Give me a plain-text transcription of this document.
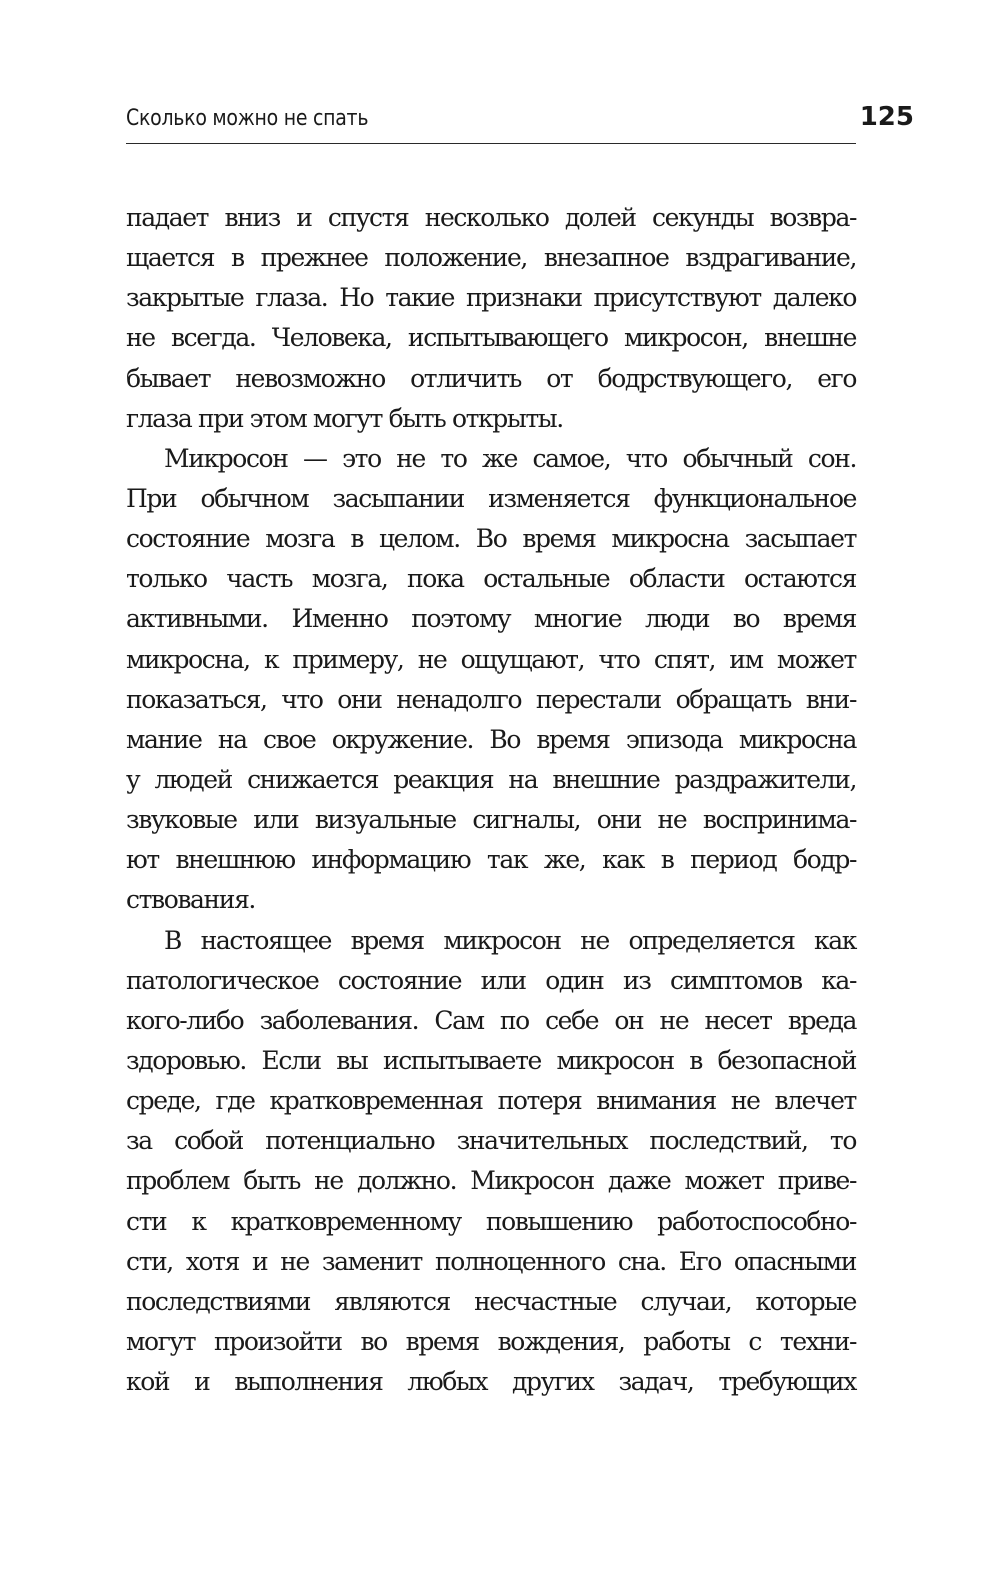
Сколько можно не спать	125
падает вниз и спустя несколько долей секунды возвра-
щается в прежнее положение, внезапное вздрагивание,
закрытые глаза. Но такие признаки присутствуют далеко
не всегда. Человека, испытывающего микросон, внешне
бывает невозможно отличить от бодрствующего, его
глаза при этом могут быть открыты.
Микросон — это не то же самое, что обычный сон.
При обычном засыпании изменяется функциональное
состояние мозга в целом. Во время микросна засыпает
только часть мозга, пока остальные области остаются
активными. Именно поэтому многие люди во время
микросна, к примеру, не ощущают, что спят, им может
показаться, что они ненадолго перестали обращать вни-
мание на свое окружение. Во время эпизода микросна
у людей снижается реакция на внешние раздражители,
звуковые или визуальные сигналы, они не воспринима-
ют внешнюю информацию так же, как в период бодр-
ствования.
В настоящее время микросон не определяется как
патологическое состояние или один из симптомов ка-
кого-либо заболевания. Сам по себе он не несет вреда
здоровью. Если вы испытываете микросон в безопасной
среде, где кратковременная потеря внимания не влечет
за собой потенциально значительных последствий, то
проблем быть не должно. Микросон даже может приве-
сти к кратковременному повышению работоспособно-
сти, хотя и не заменит полноценного сна. Его опасными
последствиями являются несчастные случаи, которые
могут произойти во время вождения, работы с техни-
кой и выполнения любых других задач, требующих
